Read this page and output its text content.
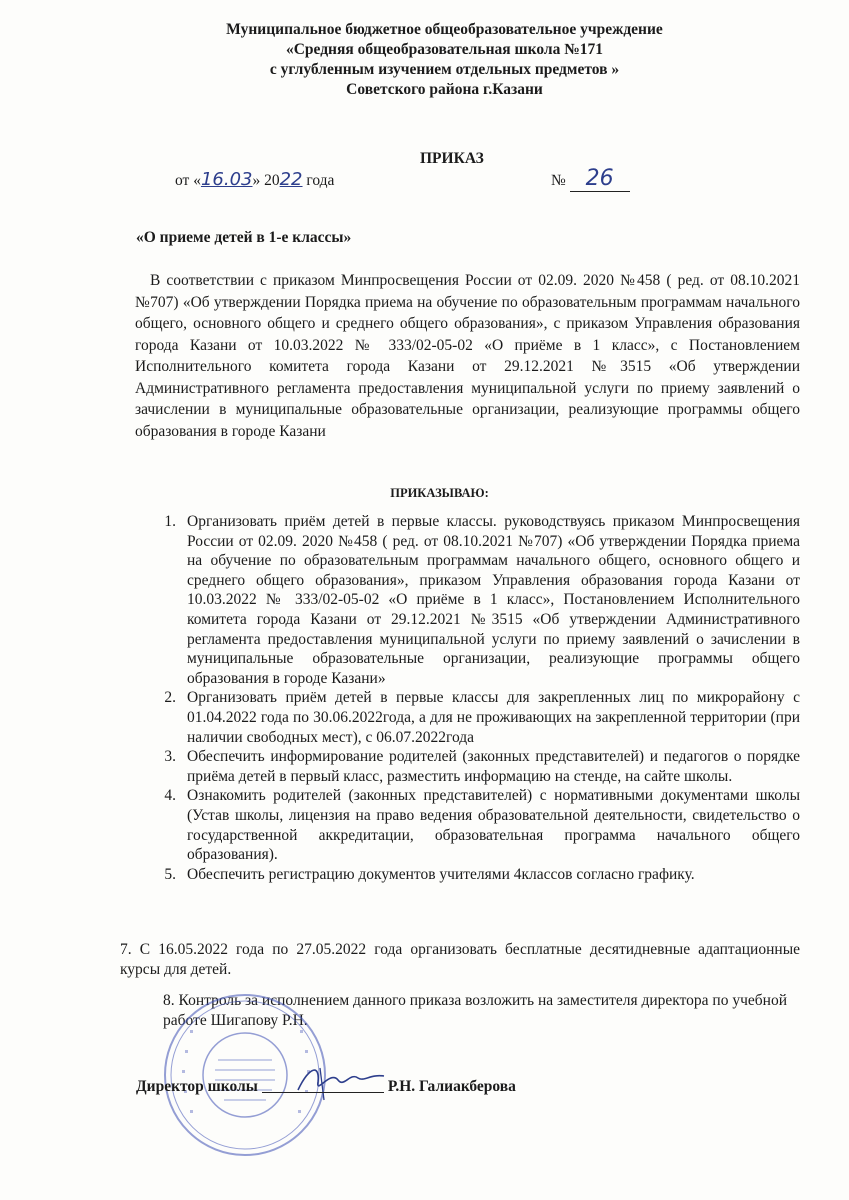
Муниципальное бюджетное общеобразовательное учреждение
«Средняя общеобразовательная школа №171
с углубленным изучением отдельных предметов »
Советского района г.Казани
ПРИКАЗ
от «16.03» 2022 года	№ 26
«О приеме детей в 1-е классы»
В соответствии с приказом Минпросвещения России от 02.09. 2020 №458 ( ред. от 08.10.2021 №707) «Об утверждении Порядка приема на обучение по образовательным программам начального общего, основного общего и среднего общего образования», с приказом Управления образования города Казани от 10.03.2022 № 333/02-05-02 «О приёме в 1 класс», с Постановлением Исполнительного комитета города Казани от 29.12.2021 №3515 «Об утверждении Административного регламента предоставления муниципальной услуги по приему заявлений о зачислении в муниципальные образовательные организации, реализующие программы общего образования в городе Казани
ПРИКАЗЫВАЮ:
1. Организовать приём детей в первые классы. руководствуясь приказом Минпросвещения России от 02.09. 2020 №458 ( ред. от 08.10.2021 №707) «Об утверждении Порядка приема на обучение по образовательным программам начального общего, основного общего и среднего общего образования», приказом Управления образования города Казани от 10.03.2022 № 333/02-05-02 «О приёме в 1 класс», Постановлением Исполнительного комитета города Казани от 29.12.2021 №3515 «Об утверждении Административного регламента предоставления муниципальной услуги по приему заявлений о зачислении в муниципальные образовательные организации, реализующие программы общего образования в городе Казани»
2. Организовать приём детей в первые классы для закрепленных лиц по микрорайону с 01.04.2022 года по 30.06.2022года, а для не проживающих на закрепленной территории (при наличии свободных мест), с 06.07.2022года
3. Обеспечить информирование родителей (законных представителей) и педагогов о порядке приёма детей в первый класс, разместить информацию на стенде, на сайте школы.
4. Ознакомить родителей (законных представителей) с нормативными документами школы (Устав школы, лицензия на право ведения образовательной деятельности, свидетельство о государственной аккредитации, образовательная программа начального общего образования).
5. Обеспечить регистрацию документов учителями 4классов согласно графику.
7. С 16.05.2022 года по 27.05.2022 года организовать бесплатные десятидневные адаптационные курсы для детей.
8. Контроль за исполнением данного приказа возложить на заместителя директора по учебной работе Шигапову Р.Н.
Директор школы	Р.Н. Галиакберова
